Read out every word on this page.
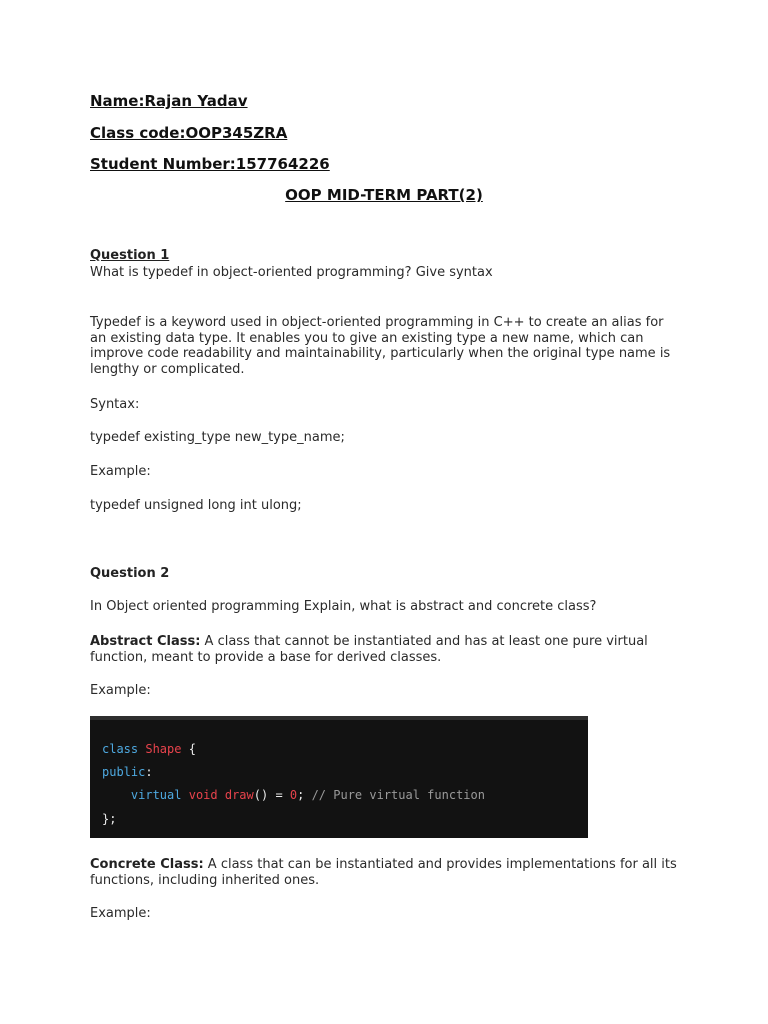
Name:Rajan Yadav

Class code:OOP345ZRA

Student Number:157764226

OOP MID-TERM PART(2)

Question 1

What is typedef in object-oriented programming? Give syntax

Typedef is a keyword used in object-oriented programming in C++ to create an alias for an existing data type. It enables you to give an existing type a new name, which can improve code readability and maintainability, particularly when the original type name is lengthy or complicated.

Syntax:

typedef existing_type new_type_name;

Example:

typedef unsigned long int ulong;

Question 2

In Object oriented programming Explain, what is abstract and concrete class?

Abstract Class: A class that cannot be instantiated and has at least one pure virtual function, meant to provide a base for derived classes.

Example:

class Shape {
public:
virtual void draw() = 0; // Pure virtual function
};

Concrete Class: A class that can be instantiated and provides implementations for all its functions, including inherited ones.

Example:
